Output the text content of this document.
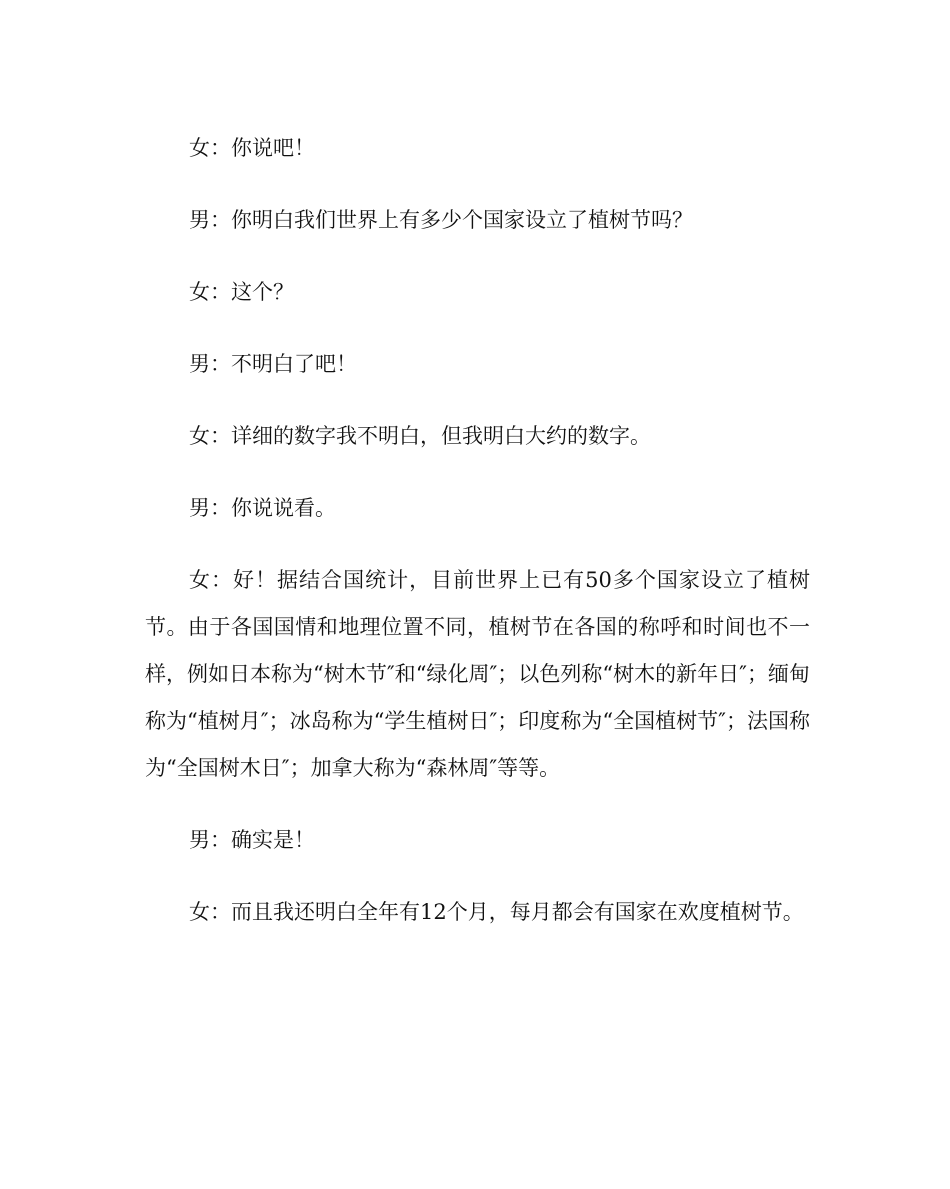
女：你说吧！

男：你明白我们世界上有多少个国家设立了植树节吗？

女：这个？

男：不明白了吧！

女：详细的数字我不明白，但我明白大约的数字。

男：你说说看。

女：好！据结合国统计，目前世界上已有50多个国家设立了植树节。由于各国国情和地理位置不同，植树节在各国的称呼和时间也不一样，例如日本称为“树木节″和“绿化周″；以色列称“树木的新年日″；缅甸称为“植树月″；冰岛称为“学生植树日″；印度称为“全国植树节″；法国称为“全国树木日″；加拿大称为“森林周″等等。

男：确实是！

女：而且我还明白全年有12个月，每月都会有国家在欢度植树节。
